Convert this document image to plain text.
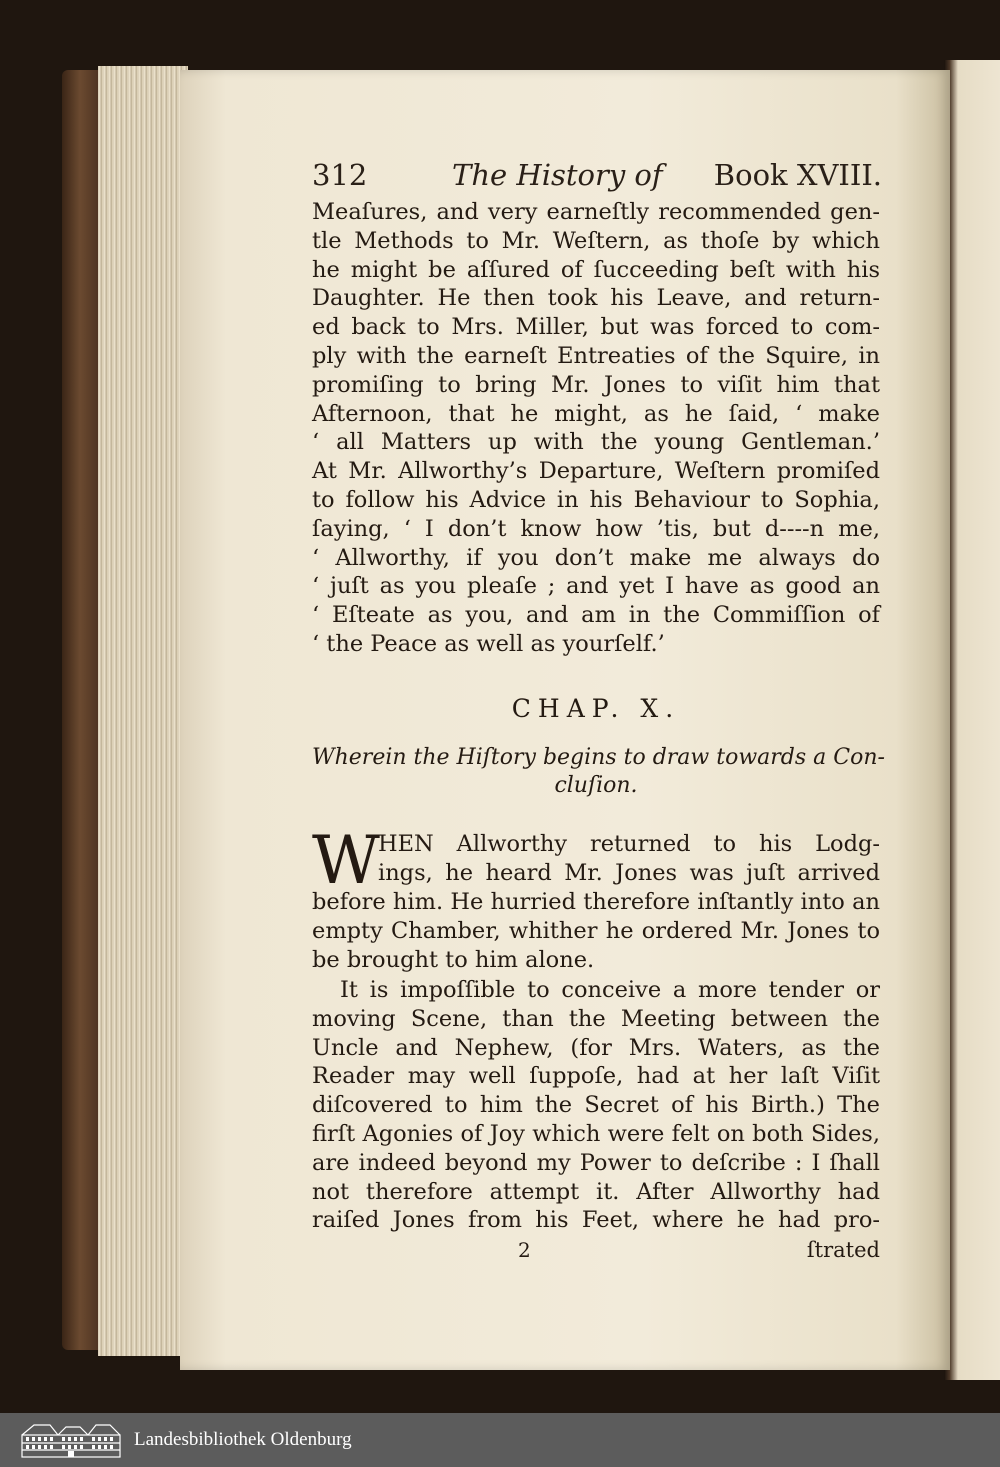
312	The History of Book XVIII.
Meaſures, and very earneſtly recommended gen-
tle Methods to Mr. Weſtern, as thoſe by which
he might be aſſured of ſucceeding beſt with his
Daughter. He then took his Leave, and return-
ed back to Mrs. Miller, but was forced to com-
ply with the earneſt Entreaties of the Squire, in
promiſing to bring Mr. Jones to viſit him that
Afternoon, that he might, as he ſaid, ‘ make
‘ all Matters up with the young Gentleman.’
At Mr. Allworthy’s Departure, Weſtern promiſed
to follow his Advice in his Behaviour to Sophia,
ſaying, ‘ I don’t know how ’tis, but d----n me,
‘ Allworthy, if you don’t make me always do
‘ juſt as you pleaſe ; and yet I have as good an
‘ Eſteate as you, and am in the Commiſſion of
‘ the Peace as well as yourſelf.’
CHAP. X.
Wherein the Hiſtory begins to draw towards a Con-
cluſion.
W
HEN Allworthy returned to his Lodg-
ings, he heard Mr. Jones was juſt arrived
before him. He hurried therefore inſtantly into an
empty Chamber, whither he ordered Mr. Jones to
be brought to him alone.
It is impoſſible to conceive a more tender or
moving Scene, than the Meeting between the
Uncle and Nephew, (for Mrs. Waters, as the
Reader may well ſuppoſe, had at her laſt Viſit
diſcovered to him the Secret of his Birth.) The
firſt Agonies of Joy which were felt on both Sides,
are indeed beyond my Power to deſcribe : I ſhall
not therefore attempt it. After Allworthy had
raiſed Jones from his Feet, where he had pro-
2	ſtrated
Landesbibliothek Oldenburg
